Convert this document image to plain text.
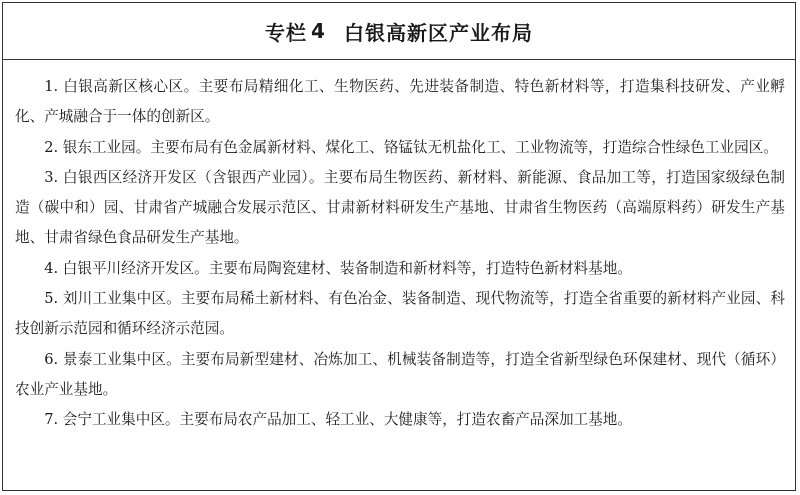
专栏 4 白银高新区产业布局

1. 白银高新区核心区。主要布局精细化工、生物医药、先进装备制造、特色新材料等，打造集科技研发、产业孵化、产城融合于一体的创新区。

2. 银东工业园。主要布局有色金属新材料、煤化工、铬锰钛无机盐化工、工业物流等，打造综合性绿色工业园区。

3. 白银西区经济开发区（含银西产业园）。主要布局生物医药、新材料、新能源、食品加工等，打造国家级绿色制造（碳中和）园、甘肃省产城融合发展示范区、甘肃新材料研发生产基地、甘肃省生物医药（高端原料药）研发生产基地、甘肃省绿色食品研发生产基地。

4. 白银平川经济开发区。主要布局陶瓷建材、装备制造和新材料等，打造特色新材料基地。

5. 刘川工业集中区。主要布局稀土新材料、有色冶金、装备制造、现代物流等，打造全省重要的新材料产业园、科技创新示范园和循环经济示范园。

6. 景泰工业集中区。主要布局新型建材、冶炼加工、机械装备制造等，打造全省新型绿色环保建材、现代（循环）农业产业基地。

7. 会宁工业集中区。主要布局农产品加工、轻工业、大健康等，打造农畜产品深加工基地。
